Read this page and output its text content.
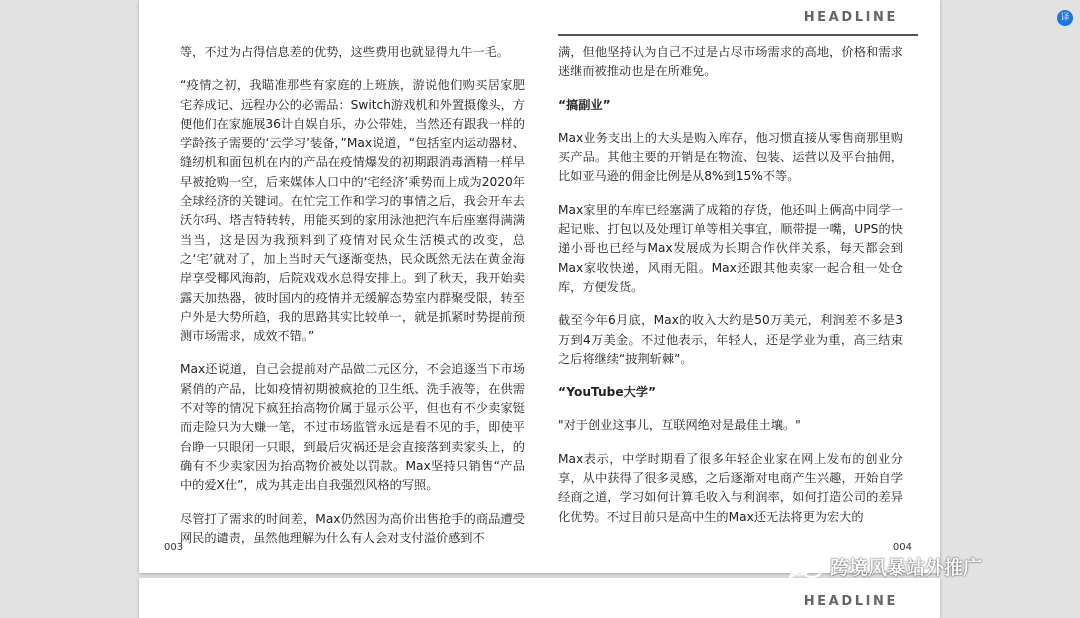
HEADLINE

等，不过为占得信息差的优势，这些费用也就显得九牛一毛。

“疫情之初，我瞄准那些有家庭的上班族，游说他们购买居家肥宅养成记、远程办公的必需品：Switch游戏机和外置摄像头，方便他们在家施展36计自娱自乐，办公带娃，当然还有跟我一样的学龄孩子需要的‘云学习’装备，”Max说道，“包括室内运动器材、缝纫机和面包机在内的产品在疫情爆发的初期跟消毒酒精一样早早被抢购一空，后来媒体人口中的‘宅经济’乘势而上成为2020年全球经济的关键词。在忙完工作和学习的事情之后，我会开车去沃尔玛、塔吉特转转，用能买到的家用泳池把汽车后座塞得满满当当，这是因为我预料到了疫情对民众生活模式的改变，总之‘宅’就对了，加上当时天气逐渐变热，民众既然无法在黄金海岸享受椰风海韵，后院戏戏水总得安排上。到了秋天，我开始卖露天加热器，彼时国内的疫情并无缓解态势室内群聚受限，转至户外是大势所趋，我的思路其实比较单一，就是抓紧时势提前预测市场需求，成效不错。”

Max还说道，自己会提前对产品做二元区分，不会追逐当下市场紧俏的产品，比如疫情初期被疯抢的卫生纸、洗手液等，在供需不对等的情况下疯狂抬高物价属于显示公平，但也有不少卖家铤而走险只为大赚一笔，不过市场监管永远是看不见的手，即使平台睁一只眼闭一只眼，到最后灾祸还是会直接落到卖家头上，的确有不少卖家因为抬高物价被处以罚款。Max坚持只销售“产品中的爱X仕”，成为其走出自我强烈风格的写照。

尽管打了需求的时间差，Max仍然因为高价出售抢手的商品遭受网民的谴责，虽然他理解为什么有人会对支付溢价感到不

满，但他坚持认为自己不过是占尽市场需求的高地，价格和需求迷继而被推动也是在所难免。

“搞副业”

Max业务支出上的大头是购入库存，他习惯直接从零售商那里购买产品。其他主要的开销是在物流、包装、运营以及平台抽佣，比如亚马逊的佣金比例是从8%到15%不等。

Max家里的车库已经塞满了成箱的存货，他还叫上俩高中同学一起记账、打包以及处理订单等相关事宜，顺带提一嘴，UPS的快递小哥也已经与Max发展成为长期合作伙伴关系，每天都会到Max家收快递，风雨无阻。Max还跟其他卖家一起合租一处仓库，方便发货。

截至今年6月底，Max的收入大约是50万美元，利润差不多是3万到4万美金。不过他表示，年轻人，还是学业为重，高三结束之后将继续“披荆斩棘”。

“YouTube大学”

"对于创业这事儿，互联网绝对是最佳土壤。"

Max表示，中学时期看了很多年轻企业家在网上发布的创业分享，从中获得了很多灵感，之后逐渐对电商产生兴趣，开始自学经商之道，学习如何计算毛收入与利润率，如何打造公司的差异化优势。不过目前只是高中生的Max还无法将更为宏大的

003	004
HEADLINE
译
跨境风暴站外推广
